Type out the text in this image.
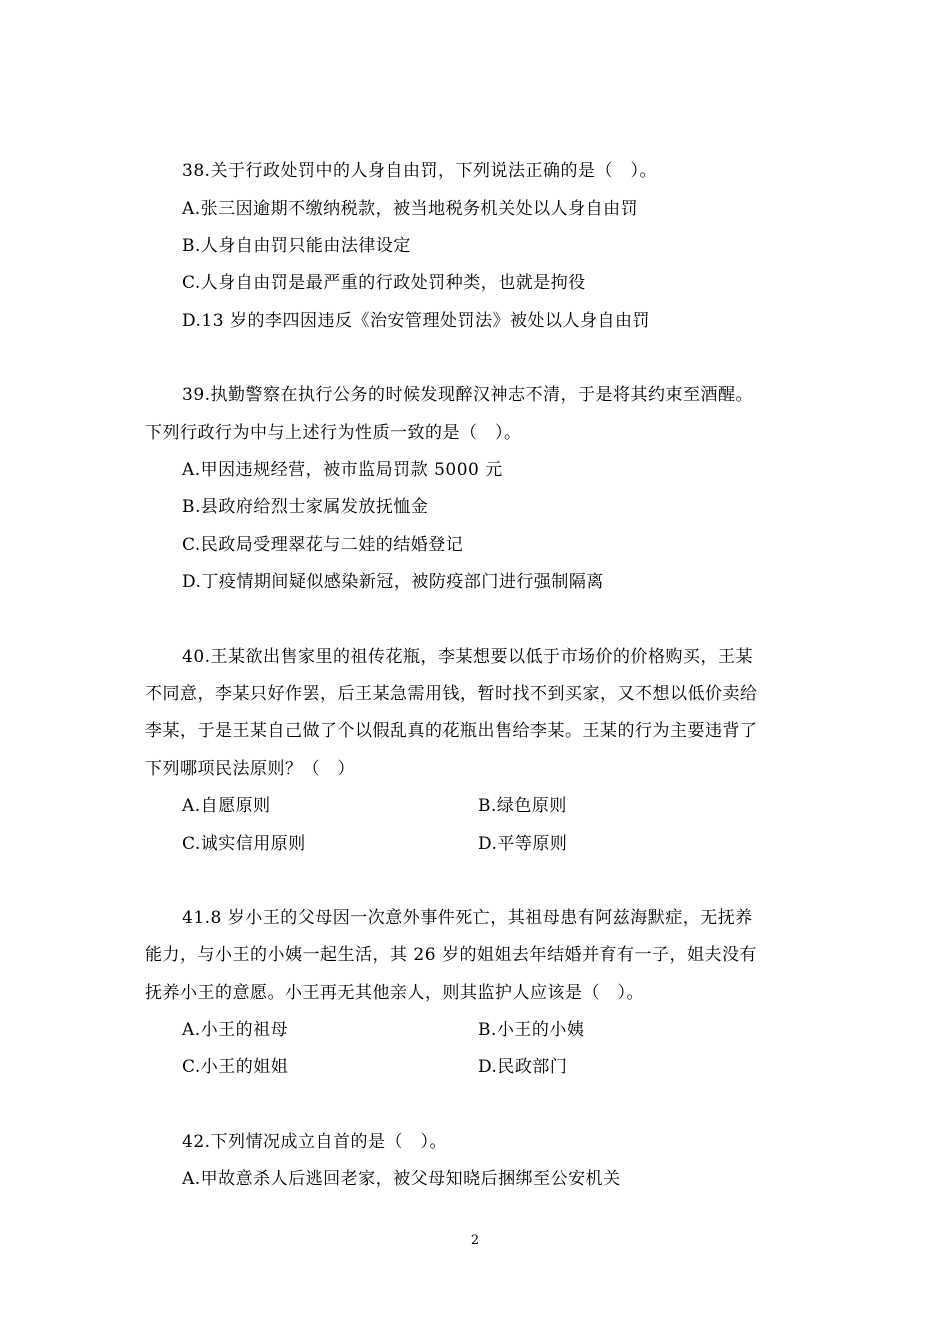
38.关于行政处罚中的人身自由罚，下列说法正确的是（　）。
A.张三因逾期不缴纳税款，被当地税务机关处以人身自由罚
B.人身自由罚只能由法律设定
C.人身自由罚是最严重的行政处罚种类，也就是拘役
D.13 岁的李四因违反《治安管理处罚法》被处以人身自由罚
39.执勤警察在执行公务的时候发现醉汉神志不清，于是将其约束至酒醒。
下列行政行为中与上述行为性质一致的是（　）。
A.甲因违规经营，被市监局罚款 5000 元
B.县政府给烈士家属发放抚恤金
C.民政局受理翠花与二娃的结婚登记
D.丁疫情期间疑似感染新冠，被防疫部门进行强制隔离
40.王某欲出售家里的祖传花瓶，李某想要以低于市场价的价格购买，王某
不同意，李某只好作罢，后王某急需用钱，暂时找不到买家，又不想以低价卖给
李某，于是王某自己做了个以假乱真的花瓶出售给李某。王某的行为主要违背了
下列哪项民法原则？（　）
A.自愿原则	B.绿色原则
C.诚实信用原则	D.平等原则
41.8 岁小王的父母因一次意外事件死亡，其祖母患有阿兹海默症，无抚养
能力，与小王的小姨一起生活，其 26 岁的姐姐去年结婚并育有一子，姐夫没有
抚养小王的意愿。小王再无其他亲人，则其监护人应该是（　）。
A.小王的祖母	B.小王的小姨
C.小王的姐姐	D.民政部门
42.下列情况成立自首的是（　）。
A.甲故意杀人后逃回老家，被父母知晓后捆绑至公安机关
2
